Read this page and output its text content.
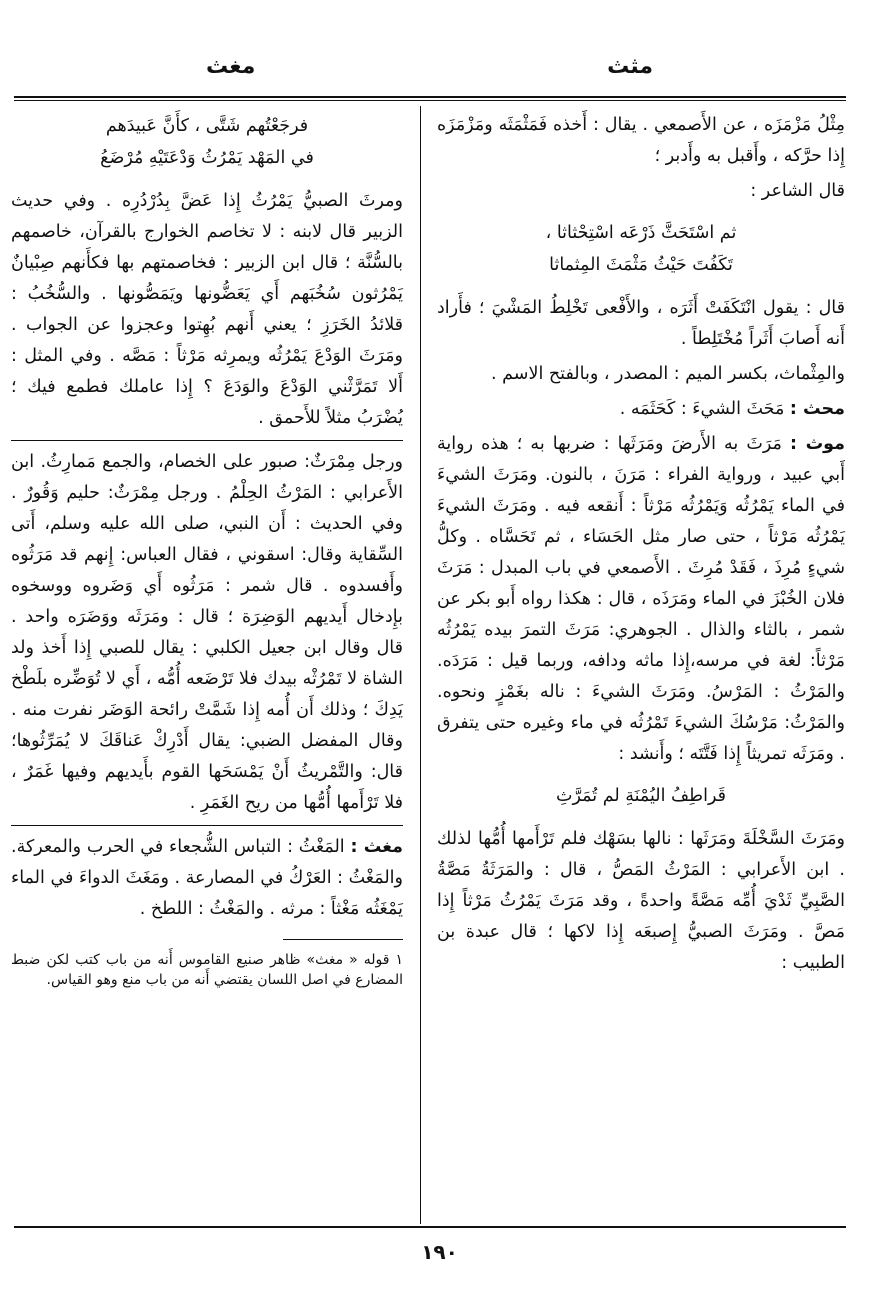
مثث
مغث

مِثْلُ مَزْمَزَه ، عن الأَصمعي . يقال : أَخذه فَمَثْمَثَه ومَزْمَزَه إِذا حرَّكه ، وأَقبل به وأَدبر ؛

قال الشاعر :

ثم اسْتَحَثَّ ذَرْعَه اسْتِحْثاثا ،
تَكَفُتَ حَيْثُ مَثْمَثَ المِثماثا

قال : يقول انْتَكَفَتْ أَثَرَه ، والأَفْعى تَخْلِطُ المَشْيَ ؛ فأَراد أَنه أَصابَ أَثَراً مُخْتَلِطاً .

والمِثْماث، بكسر الميم : المصدر ، وبالفتح الاسم .

محث : مَحَثَ الشيءَ : كَحَثَمَه .

موث : مَرَثَ به الأَرضَ ومَرَثَها : ضربها به ؛ هذه رواية أَبي عبيد ، ورواية الفراء : مَرَنَ ، بالنون. ومَرَثَ الشيءَ في الماء يَمْرُثُه وَيَمْرُثُه مَرْثاً : أَنقعه فيه . ومَرَثَ الشيءَ يَمْرُثُه مَرْثاً ، حتى صار مثل الحَسَاء ، ثم تَحَسَّاه . وكلُّ شيءٍ مُرِذَ ، فَقَدْ مُرِثَ . الأَصمعي في باب المبدل : مَرَثَ فلان الخُبْزَ في الماء ومَرَذَه ، قال : هكذا رواه أَبو بكر عن شمر ، بالثاء والذال . الجوهري: مَرَثَ التمرَ بيده يَمْرُثُه مَرْثاً: لغة في مرسه،إِذا ماثه ودافه، وربما قيل : مَرَدَه. والمَرْثُ : المَرْسُ. ومَرَثَ الشيءَ : ناله بغَمْزٍ ونحوه. والمَرْثُ: مَرْسُكَ الشيءَ تَمْرُثُه في ماء وغيره حتى يتفرق . ومَرَثَه تمريثاً إِذا فَتَّتَه ؛ وأَنشد :

قَراطِفُ اليُمْنَةِ لم تُمَرَّثِ

ومَرَثَ السَّخْلَةَ ومَرَثَها : نالها بسَهْك فلم تَرْأَمها أُمُّها لذلك . ابن الأَعرابي : المَرْثُ المَصُّ ، قال : والمَرَثَةُ مَصَّةُ الصَّبِيِّ ثَدْيَ أُمِّه مَصَّةً واحدةً ، وقد مَرَثَ يَمْرُثُ مَرْثاً إِذا مَصَّ . ومَرَثَ الصبيُّ إِصبعَه إِذا لاكها ؛ قال عبدة بن الطبيب :

فرجَعْتُهم شَتَّى ، كأَنَّ عَبيدَهم
في المَهْد يَمْرُثُ وَدْعَتَيْهِ مُرْضَعُ

ومرثَ الصبيُّ يَمْرُثُ إِذا عَضَّ بِدُرْدُرِه . وفي حديث الزبير قال لابنه : لا تخاصم الخوارج بالقرآن، خاصمهم بالسُّنَّة ؛ قال ابن الزبير : فخاصمتهم بها فكأَنهم صِبْيانٌ يَمْرُثون سُخُبَهم أَي يَعَضُّونها ويَمَصُّونها . والسُّخُبُ : قلائدُ الخَرَزِ ؛ يعني أَنهم بُهِتوا وعجزوا عن الجواب . ومَرَثَ الوَدْعَ يَمْرُثُه ويمرِثه مَرْثاً : مَصَّه . وفي المثل : أَلا تَمَرَّثْني الوَدْعَ والوَدَعَ ؟ إِذا عاملك فطمع فيك ؛ يُضْرَبُ مثلاً للأَحمق .

ورجل مِمْرَثٌ: صبور على الخصام، والجمع مَمارِثُ. ابن الأَعرابي : المَرْثُ الحِلْمُ . ورجل مِمْرَثٌ: حليم وَقُورٌ . وفي الحديث : أَن النبي، صلى الله عليه وسلم، أَتى السِّقاية وقال: اسقوني ، فقال العباس: إِنهم قد مَرَثُوه وأَفسدوه . قال شمر : مَرَثُوه أَي وَضَروه ووسخوه بإِدخال أَيديهم الوَضِرَة ؛ قال : ومَرَثَه ووَضَرَه واحد . قال وقال ابن جعيل الكلبي : يقال للصبي إِذا أَخذ ولد الشاة لا تَمْرُثْه بيدك فلا تَرْضَعه أُمُّه ، أَي لا تُوَضِّره بلَطْخ يَدِكَ ؛ وذلك أَن أُمه إِذا شَمَّتْ رائحة الوَضَر نفرت منه . وقال المفضل الضبي: يقال أَدْرِكْ عَناقَكَ لا يُمَرِّثُوها؛ قال: والتَّمْريثُ أَنْ يَمْسَحَها القوم بأَيديهم وفيها غَمَرٌ ، فلا تَرْأَمها أُمُّها من ريح الغَمَرِ .

مغث : المَغْثُ : التباس الشُّجعاء في الحرب والمعركة. والمَغْثُ : العَرْكُ في المصارعة . ومَغَثَ الدواءَ في الماء يَمْغَثُه مَغْثاً : مرثه . والمَغْثُ : اللطخ .

١ قوله « مغث» ظاهر صنيع القاموس أَنه من باب كتب لكن ضبط المضارع في اصل اللسان يقتضي أَنه من باب منع وهو القياس.
١٩٠
